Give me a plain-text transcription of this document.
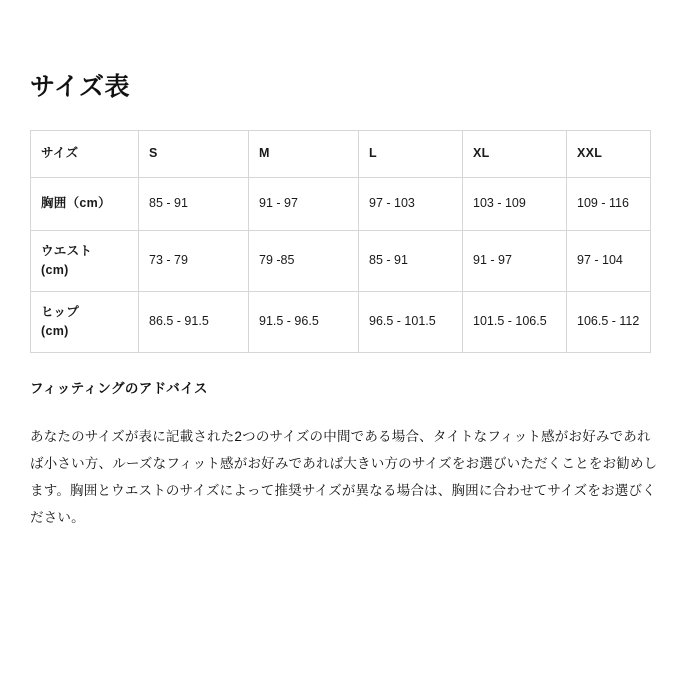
サイズ表
サイズ	S	M	L	XL	XXL
胸囲（cm）	85 - 91	91 - 97	97 - 103	103 - 109	109 - 116
ウエスト
(cm)	73 - 79	79 -85	85 - 91	91 - 97	97 - 104
ヒップ
(cm)	86.5 - 91.5	91.5 - 96.5	96.5 - 101.5	101.5 - 106.5	106.5 - 112

フィッティングのアドバイス

あなたのサイズが表に記載された2つのサイズの中間である場合、タイトなフィット感がお好みであれば小さい方、ルーズなフィット感がお好みであれば大きい方のサイズをお選びいただくことをお勧めします。胸囲とウエストのサイズによって推奨サイズが異なる場合は、胸囲に合わせてサイズをお選びください。
